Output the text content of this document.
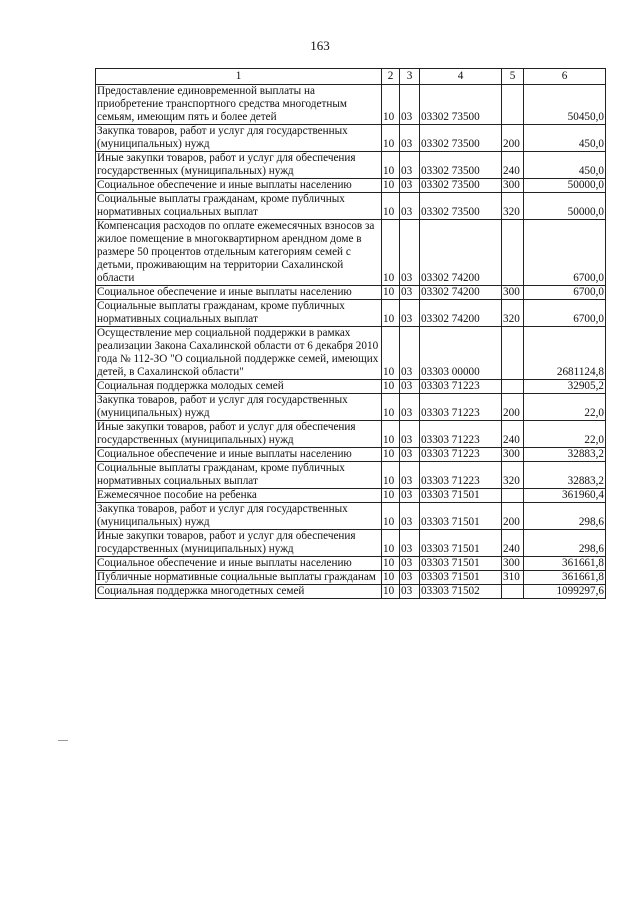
163
1	2	3	4	5	6
Предоставление единовременной выплаты на приобретение транспортного средства многодетным семьям, имеющим пять и более детей	10	03	03302 73500		50450,0
Закупка товаров, работ и услуг для государственных (муниципальных) нужд	10	03	03302 73500	200	450,0
Иные закупки товаров, работ и услуг для обеспечения государственных (муниципальных) нужд	10	03	03302 73500	240	450,0
Социальное обеспечение и иные выплаты населению	10	03	03302 73500	300	50000,0
Социальные выплаты гражданам, кроме публичных нормативных социальных выплат	10	03	03302 73500	320	50000,0
Компенсация расходов по оплате ежемесячных взносов за жилое помещение в многоквартирном арендном доме в размере 50 процентов отдельным категориям семей с детьми, проживающим на территории Сахалинской области	10	03	03302 74200		6700,0
Социальное обеспечение и иные выплаты населению	10	03	03302 74200	300	6700,0
Социальные выплаты гражданам, кроме публичных нормативных социальных выплат	10	03	03302 74200	320	6700,0
Осуществление мер социальной поддержки в рамках реализации Закона Сахалинской области от 6 декабря 2010 года № 112-ЗО "О социальной поддержке семей, имеющих детей, в Сахалинской области"	10	03	03303 00000		2681124,8
Социальная поддержка молодых семей	10	03	03303 71223		32905,2
Закупка товаров, работ и услуг для государственных (муниципальных) нужд	10	03	03303 71223	200	22,0
Иные закупки товаров, работ и услуг для обеспечения государственных (муниципальных) нужд	10	03	03303 71223	240	22,0
Социальное обеспечение и иные выплаты населению	10	03	03303 71223	300	32883,2
Социальные выплаты гражданам, кроме публичных нормативных социальных выплат	10	03	03303 71223	320	32883,2
Ежемесячное пособие на ребенка	10	03	03303 71501		361960,4
Закупка товаров, работ и услуг для государственных (муниципальных) нужд	10	03	03303 71501	200	298,6
Иные закупки товаров, работ и услуг для обеспечения государственных (муниципальных) нужд	10	03	03303 71501	240	298,6
Социальное обеспечение и иные выплаты населению	10	03	03303 71501	300	361661,8
Публичные нормативные социальные выплаты гражданам	10	03	03303 71501	310	361661,8
Социальная поддержка многодетных семей	10	03	03303 71502		1099297,6
